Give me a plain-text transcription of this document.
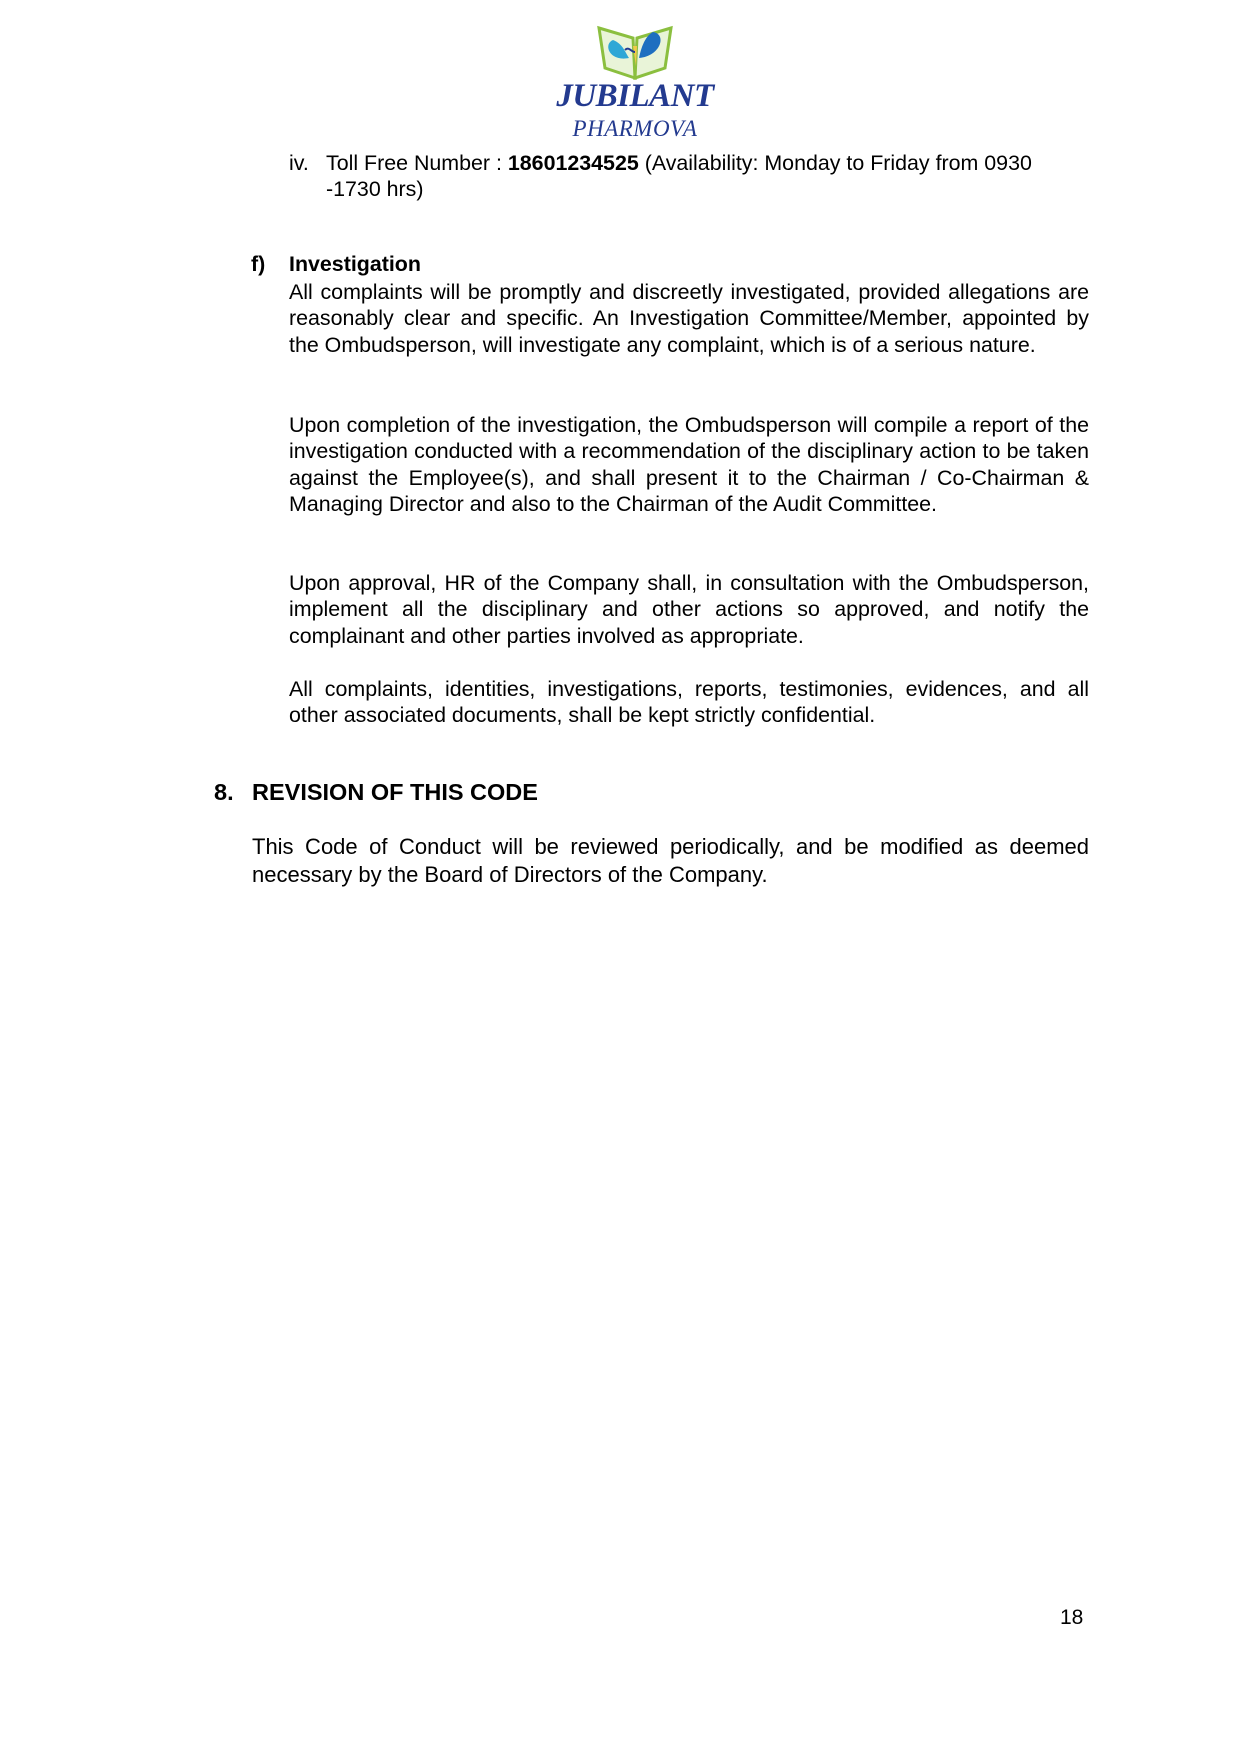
JUBILANT
PHARMOVA
iv. Toll Free Number : 18601234525 (Availability: Monday to Friday from 0930
-1730 hrs)
f) Investigation
All complaints will be promptly and discreetly investigated, provided allegations are reasonably clear and specific. An Investigation Committee/Member, appointed by the Ombudsperson, will investigate any complaint, which is of a serious nature.
Upon completion of the investigation, the Ombudsperson will compile a report of the investigation conducted with a recommendation of the disciplinary action to be taken against the Employee(s), and shall present it to the Chairman / Co-Chairman & Managing Director and also to the Chairman of the Audit Committee.
Upon approval, HR of the Company shall, in consultation with the Ombudsperson, implement all the disciplinary and other actions so approved, and notify the complainant and other parties involved as appropriate.
All complaints, identities, investigations, reports, testimonies, evidences, and all other associated documents, shall be kept strictly confidential.
8. REVISION OF THIS CODE
This Code of Conduct will be reviewed periodically, and be modified as deemed necessary by the Board of Directors of the Company.
18
